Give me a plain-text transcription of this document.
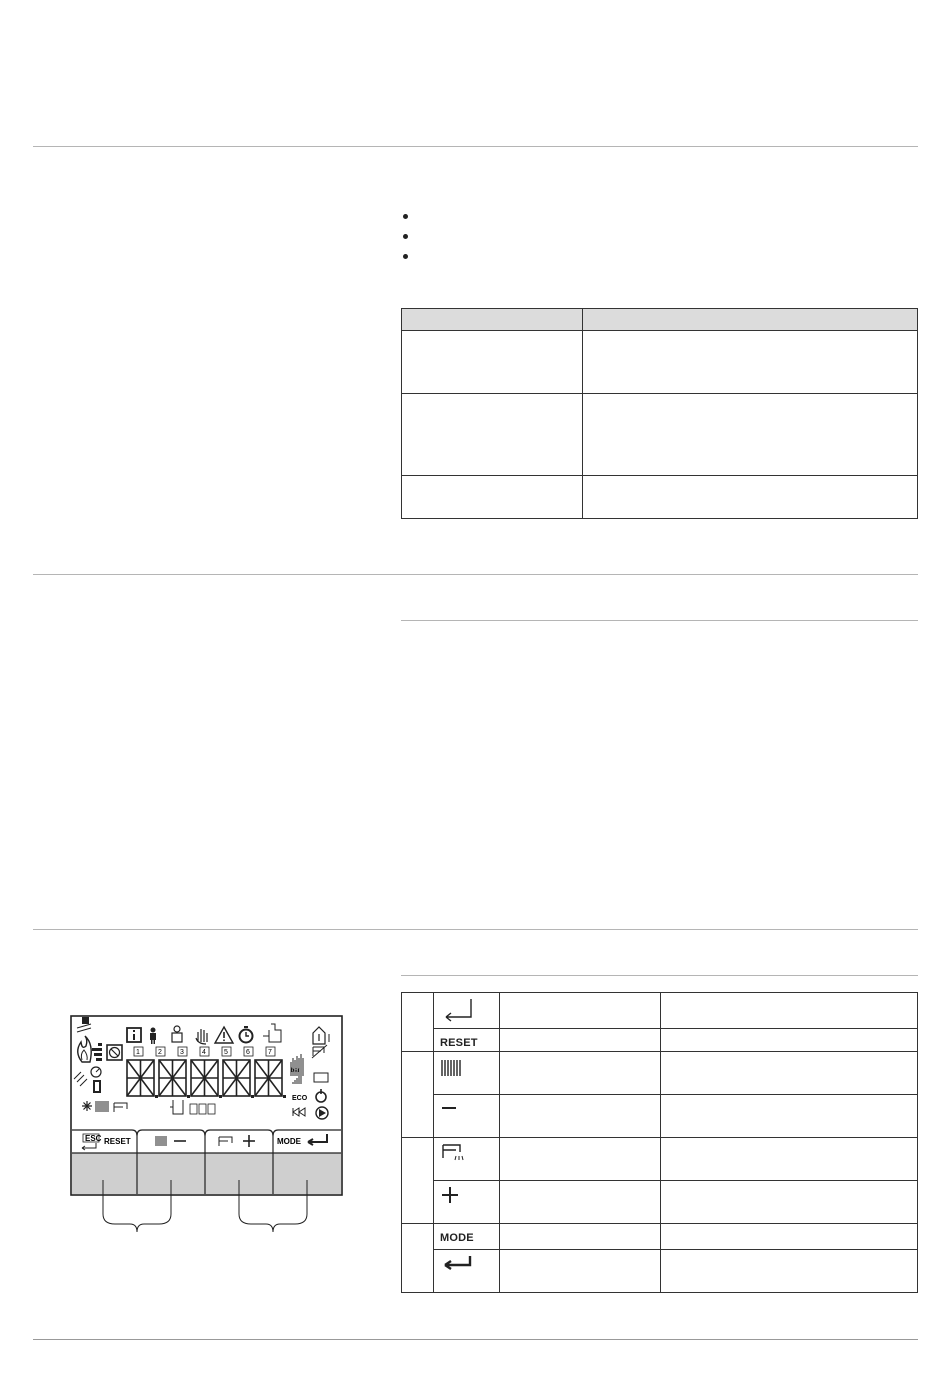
ESC RESET	MODE
1	2	3	4	5	6	7
bar
ECO

	RESET		

	MODE		
